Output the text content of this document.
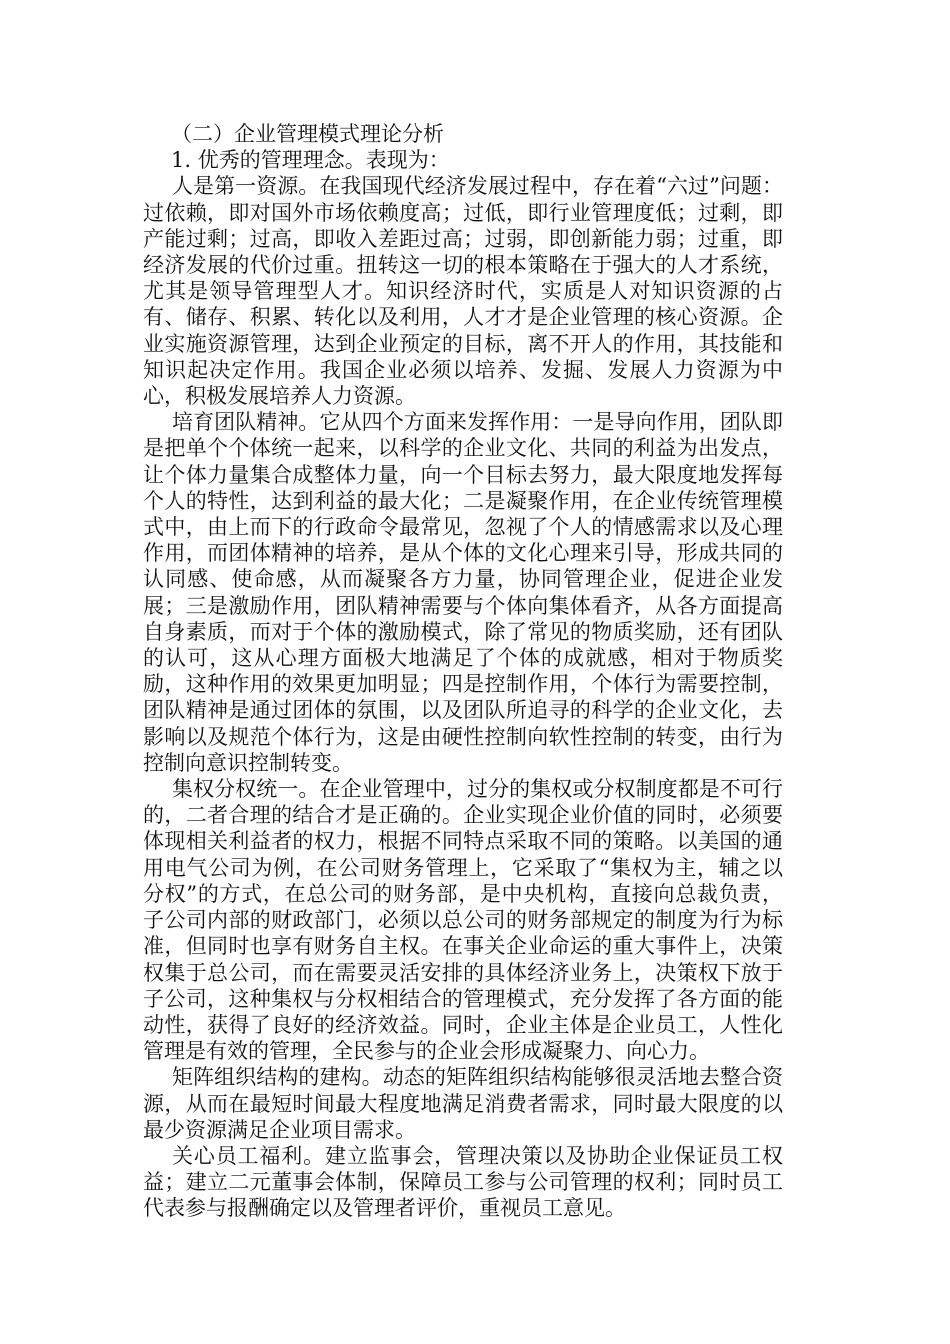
（二）企业管理模式理论分析
1. 优秀的管理理念。表现为：

人是第一资源。在我国现代经济发展过程中，存在着“六过”问题：过依赖，即对国外市场依赖度高；过低，即行业管理度低；过剩，即产能过剩；过高，即收入差距过高；过弱，即创新能力弱；过重，即经济发展的代价过重。扭转这一切的根本策略在于强大的人才系统，尤其是领导管理型人才。知识经济时代，实质是人对知识资源的占有、储存、积累、转化以及利用，人才才是企业管理的核心资源。企业实施资源管理，达到企业预定的目标，离不开人的作用，其技能和知识起决定作用。我国企业必须以培养、发掘、发展人力资源为中心，积极发展培养人力资源。

培育团队精神。它从四个方面来发挥作用：一是导向作用，团队即是把单个个体统一起来，以科学的企业文化、共同的利益为出发点，让个体力量集合成整体力量，向一个目标去努力，最大限度地发挥每个人的特性，达到利益的最大化；二是凝聚作用，在企业传统管理模式中，由上而下的行政命令最常见，忽视了个人的情感需求以及心理作用，而团体精神的培养，是从个体的文化心理来引导，形成共同的认同感、使命感，从而凝聚各方力量，协同管理企业，促进企业发展；三是激励作用，团队精神需要与个体向集体看齐，从各方面提高自身素质，而对于个体的激励模式，除了常见的物质奖励，还有团队的认可，这从心理方面极大地满足了个体的成就感，相对于物质奖励，这种作用的效果更加明显；四是控制作用，个体行为需要控制，团队精神是通过团体的氛围，以及团队所追寻的科学的企业文化，去影响以及规范个体行为，这是由硬性控制向软性控制的转变，由行为控制向意识控制转变。

集权分权统一。在企业管理中，过分的集权或分权制度都是不可行的，二者合理的结合才是正确的。企业实现企业价值的同时，必须要体现相关利益者的权力，根据不同特点采取不同的策略。以美国的通用电气公司为例，在公司财务管理上，它采取了“集权为主，辅之以分权”的方式，在总公司的财务部，是中央机构，直接向总裁负责，子公司内部的财政部门，必须以总公司的财务部规定的制度为行为标准，但同时也享有财务自主权。在事关企业命运的重大事件上，决策权集于总公司，而在需要灵活安排的具体经济业务上，决策权下放于子公司，这种集权与分权相结合的管理模式，充分发挥了各方面的能动性，获得了良好的经济效益。同时，企业主体是企业员工，人性化管理是有效的管理，全民参与的企业会形成凝聚力、向心力。

矩阵组织结构的建构。动态的矩阵组织结构能够很灵活地去整合资源，从而在最短时间最大程度地满足消费者需求，同时最大限度的以最少资源满足企业项目需求。

关心员工福利。建立监事会，管理决策以及协助企业保证员工权益；建立二元董事会体制，保障员工参与公司管理的权利；同时员工代表参与报酬确定以及管理者评价，重视员工意见。
